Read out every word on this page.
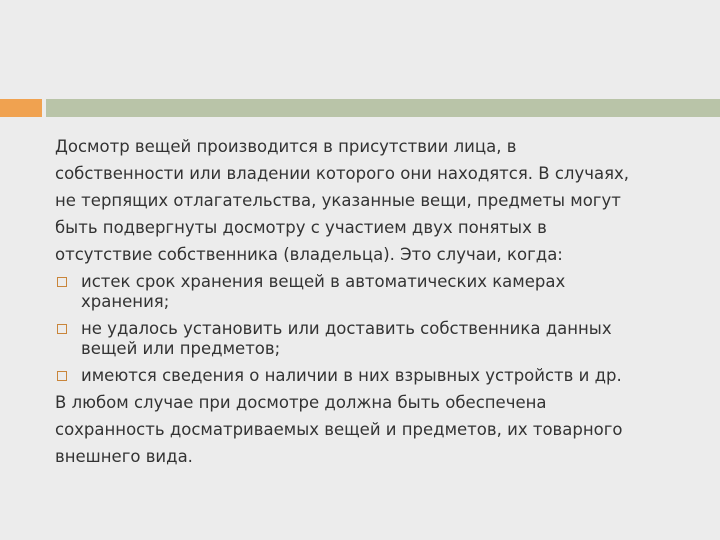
Досмотр вещей производится в присутствии лица, в
собственности или владении которого они находятся. В случаях,
не терпящих отлагательства, указанные вещи, предметы могут
быть подвергнуты досмотру с участием двух понятых в
отсутствие собственника (владельца). Это случаи, когда:

истек срок хранения вещей в автоматических камерах
хранения;
не удалось установить или доставить собственника данных
вещей или предметов;
имеются сведения о наличии в них взрывных устройств и др.

В любом случае при досмотре должна быть обеспечена
сохранность досматриваемых вещей и предметов, их товарного
внешнего вида.
